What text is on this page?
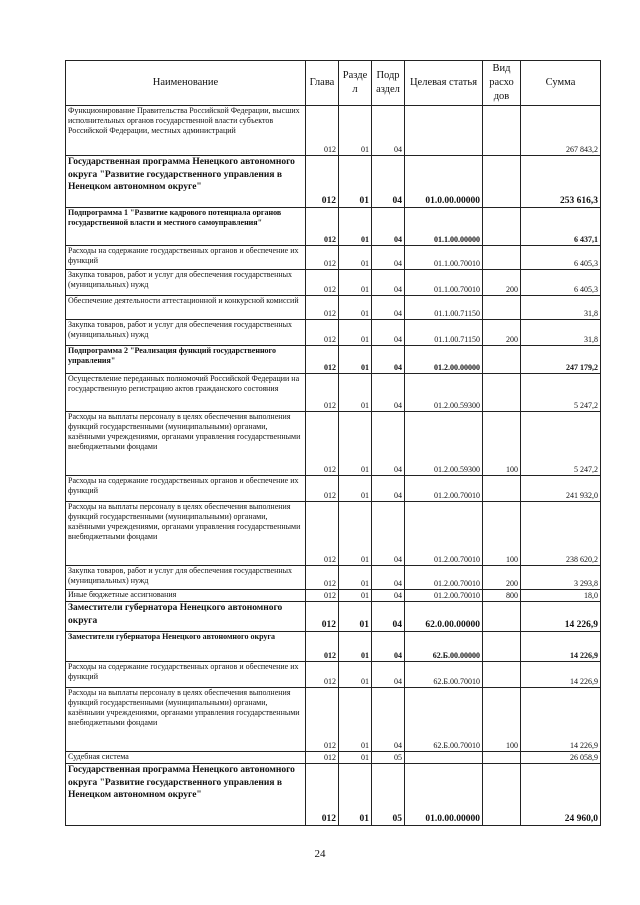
Наименование	Глава	Разде л	Подр аздел	Целевая статья	Вид расхо дов	Сумма
Функционирование Правительства Российской Федерации, высших исполнительных органов государственной власти субъектов Российской Федерации, местных администраций	012	01	04			267 843,2
Государственная программа Ненецкого автономного округа "Развитие государственного управления в Ненецком автономном округе"	012	01	04	01.0.00.00000		253 616,3
Подпрограмма 1 "Развитие кадрового потенциала органов государственной власти и местного самоуправления"	012	01	04	01.1.00.00000		6 437,1
Расходы на содержание государственных органов и обеспечение их функций	012	01	04	01.1.00.70010		6 405,3
Закупка товаров, работ и услуг для обеспечения государственных (муниципальных) нужд	012	01	04	01.1.00.70010	200	6 405,3
Обеспечение деятельности аттестационной и конкурсной комиссий	012	01	04	01.1.00.71150		31,8
Закупка товаров, работ и услуг для обеспечения государственных (муниципальных) нужд	012	01	04	01.1.00.71150	200	31,8
Подпрограмма 2 "Реализация функций государственного управления"	012	01	04	01.2.00.00000		247 179,2
Осуществление переданных полномочий Российской Федерации на государственную регистрацию актов гражданского состояния	012	01	04	01.2.00.59300		5 247,2
Расходы на выплаты персоналу в целях обеспечения выполнения функций государственными (муниципальными) органами, казёнными учреждениями, органами управления государственными внебюджетными фондами	012	01	04	01.2.00.59300	100	5 247,2
Расходы на содержание государственных органов и обеспечение их функций	012	01	04	01.2.00.70010		241 932,0
Расходы на выплаты персоналу в целях обеспечения выполнения функций государственными (муниципальными) органами, казёнными учреждениями, органами управления государственными внебюджетными фондами	012	01	04	01.2.00.70010	100	238 620,2
Закупка товаров, работ и услуг для обеспечения государственных (муниципальных) нужд	012	01	04	01.2.00.70010	200	3 293,8
Иные бюджетные ассигнования	012	01	04	01.2.00.70010	800	18,0
Заместители губернатора Ненецкого автономного округа	012	01	04	62.0.00.00000		14 226,9
Заместители губернатора Ненецкого автономного округа	012	01	04	62.Б.00.00000		14 226,9
Расходы на содержание государственных органов и обеспечение их функций	012	01	04	62.Б.00.70010		14 226,9
Расходы на выплаты персоналу в целях обеспечения выполнения функций государственными (муниципальными) органами, казённыии учреждениями, органами управления государственными внебюджетными фондами	012	01	04	62.Б.00.70010	100	14 226,9
Судебная система	012	01	05			26 058,9
Государственная программа Ненецкого автономного округа "Развитие государственного управления в Ненецком автономном округе"	012	01	05	01.0.00.00000		24 960,0
24
